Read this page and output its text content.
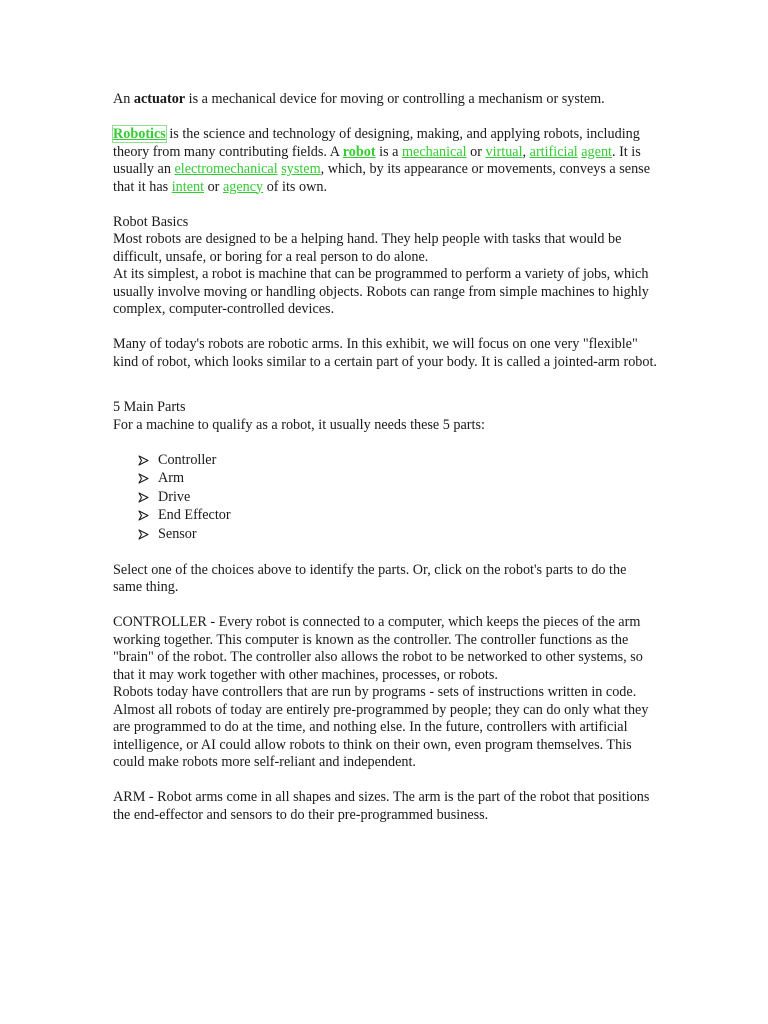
An actuator is a mechanical device for moving or controlling a mechanism or system.

Robotics is the science and technology of designing, making, and applying robots, including theory from many contributing fields. A robot is a mechanical or virtual, artificial agent. It is usually an electromechanical system, which, by its appearance or movements, conveys a sense that it has intent or agency of its own.

Robot Basics

Most robots are designed to be a helping hand. They help people with tasks that would be difficult, unsafe, or boring for a real person to do alone.

At its simplest, a robot is machine that can be programmed to perform a variety of jobs, which usually involve moving or handling objects. Robots can range from simple machines to highly complex, computer-controlled devices.

Many of today's robots are robotic arms. In this exhibit, we will focus on one very "flexible" kind of robot, which looks similar to a certain part of your body. It is called a jointed-arm robot.

5 Main Parts

For a machine to qualify as a robot, it usually needs these 5 parts:

Controller
Arm
Drive
End Effector
Sensor

Select one of the choices above to identify the parts. Or, click on the robot's parts to do the same thing.

CONTROLLER - Every robot is connected to a computer, which keeps the pieces of the arm working together. This computer is known as the controller. The controller functions as the "brain" of the robot. The controller also allows the robot to be networked to other systems, so that it may work together with other machines, processes, or robots.

Robots today have controllers that are run by programs - sets of instructions written in code. Almost all robots of today are entirely pre-programmed by people; they can do only what they are programmed to do at the time, and nothing else. In the future, controllers with artificial intelligence, or AI could allow robots to think on their own, even program themselves. This could make robots more self-reliant and independent.

ARM - Robot arms come in all shapes and sizes. The arm is the part of the robot that positions the end-effector and sensors to do their pre-programmed business.
